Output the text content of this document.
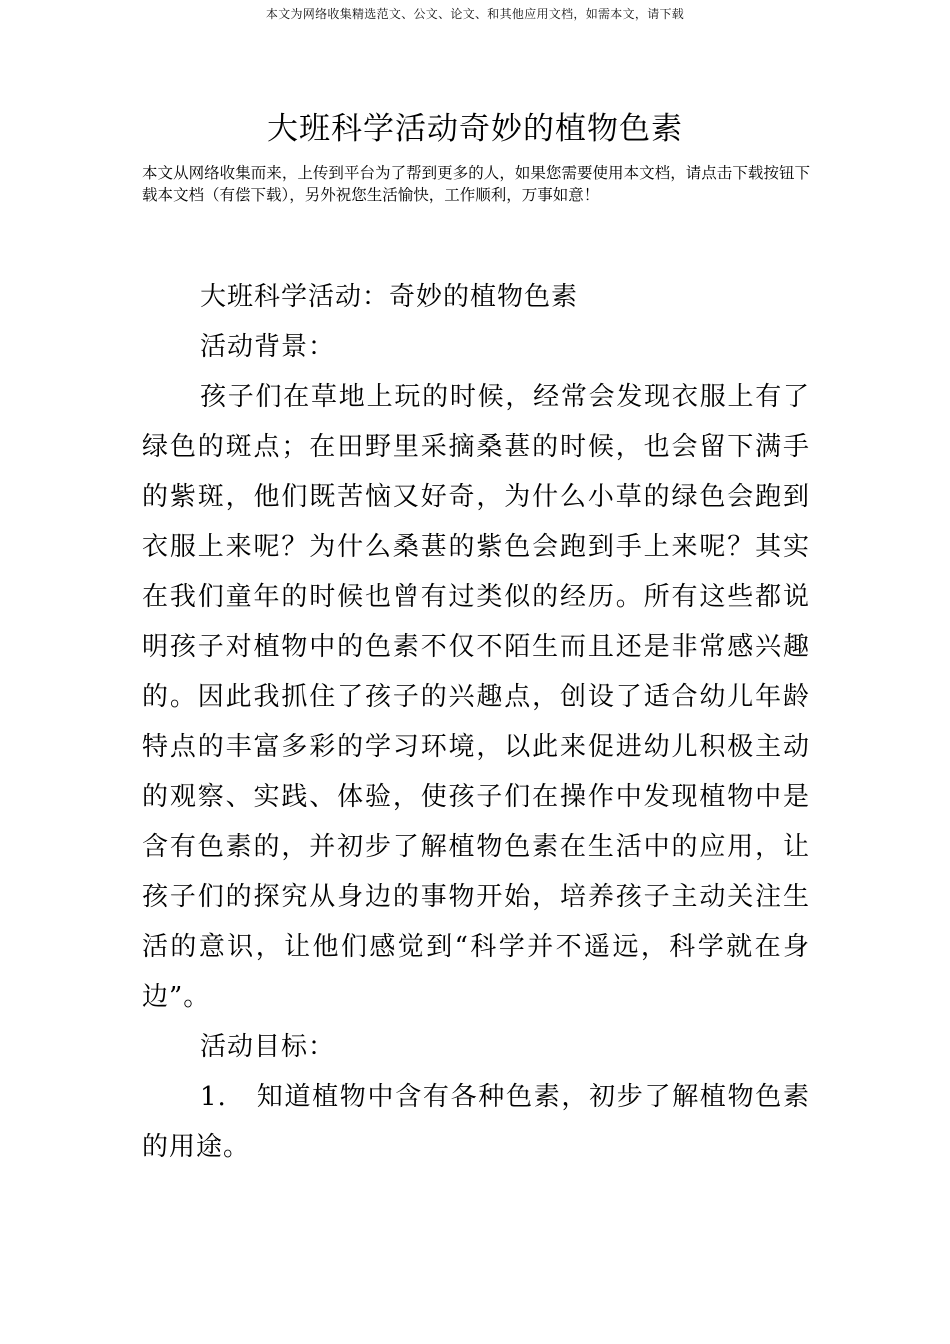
本文为网络收集精选范文、公文、论文、和其他应用文档，如需本文，请下载
大班科学活动奇妙的植物色素

本文从网络收集而来，上传到平台为了帮到更多的人，如果您需要使用本文档，请点击下载按钮下载本文档（有偿下载），另外祝您生活愉快，工作顺利，万事如意！

大班科学活动：奇妙的植物色素

活动背景：

孩子们在草地上玩的时候，经常会发现衣服上有了绿色的斑点；在田野里采摘桑葚的时候，也会留下满手的紫斑，他们既苦恼又好奇，为什么小草的绿色会跑到衣服上来呢？为什么桑葚的紫色会跑到手上来呢？其实在我们童年的时候也曾有过类似的经历。所有这些都说明孩子对植物中的色素不仅不陌生而且还是非常感兴趣的。因此我抓住了孩子的兴趣点，创设了适合幼儿年龄特点的丰富多彩的学习环境，以此来促进幼儿积极主动的观察、实践、体验，使孩子们在操作中发现植物中是含有色素的，并初步了解植物色素在生活中的应用，让孩子们的探究从身边的事物开始，培养孩子主动关注生活的意识，让他们感觉到“科学并不遥远，科学就在身边”。

活动目标：

1. 知道植物中含有各种色素，初步了解植物色素的用途。
